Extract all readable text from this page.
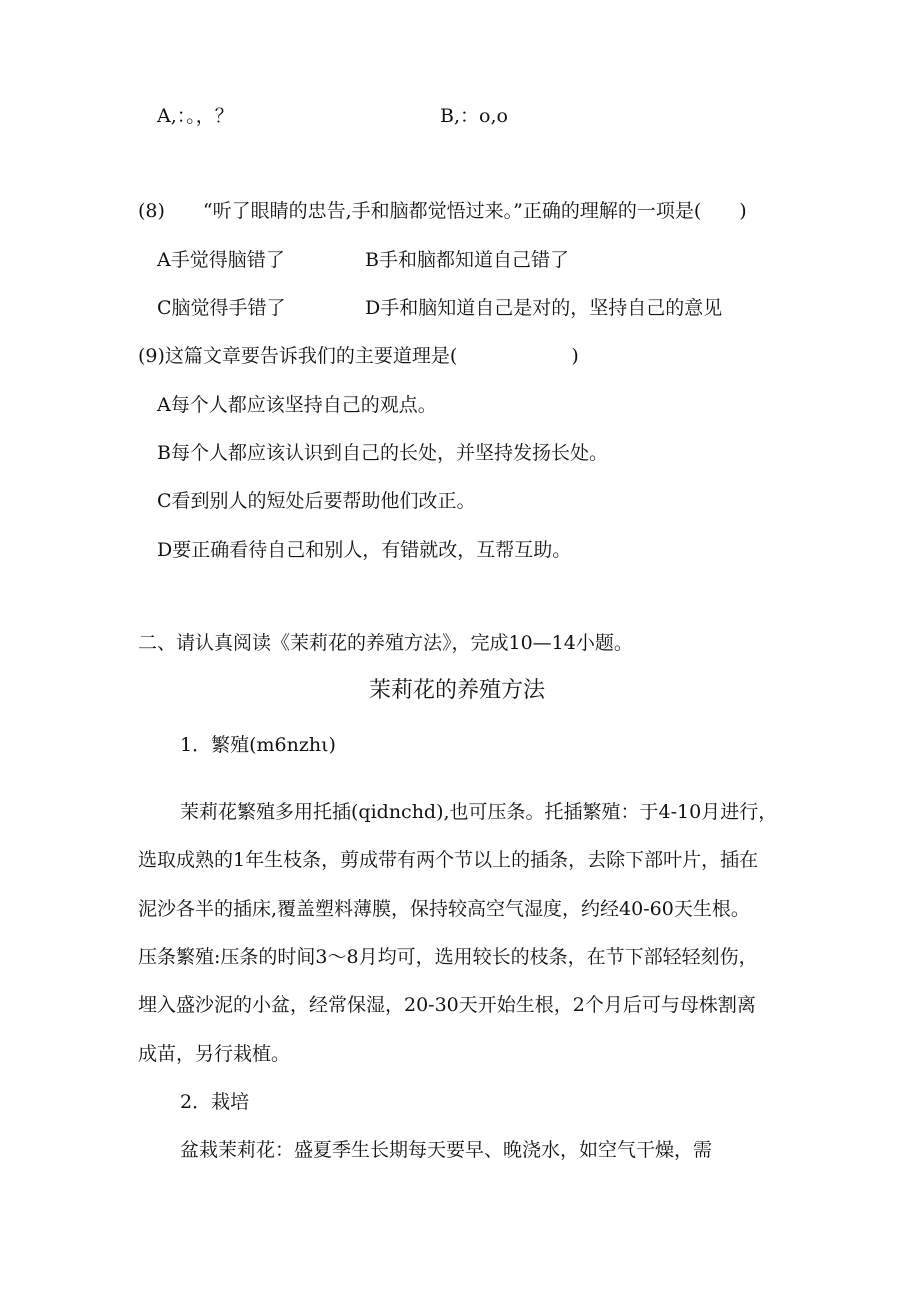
A,：。，？	B,：o,o

(8)　　“听了眼睛的忠告,手和脑都觉悟过来。”正确的理解的一项是(　　)

A手觉得脑错了	B手和脑都知道自己错了

C脑觉得手错了	D手和脑知道自己是对的，坚持自己的意见

(9)这篇文章要告诉我们的主要道理是(　　　　　　)

A每个人都应该坚持自己的观点。

B每个人都应该认识到自己的长处，并坚持发扬长处。

C看到别人的短处后要帮助他们改正。

D要正确看待自己和别人，有错就改，互帮互助。

二、请认真阅读《茉莉花的养殖方法》，完成10—14小题。

茉莉花的养殖方法

1．繁殖(m6nzhι)

茉莉花繁殖多用托插(qidnchd),也可压条。托插繁殖：于4-10月进行，

选取成熟的1年生枝条，剪成带有两个节以上的插条，去除下部叶片，插在

泥沙各半的插床,覆盖塑料薄膜，保持较高空气湿度，约经40-60天生根。

压条繁殖:压条的时间3～8月均可，选用较长的枝条，在节下部轻轻刻伤，

埋入盛沙泥的小盆，经常保湿，20-30天开始生根，2个月后可与母株割离

成苗，另行栽植。

2．栽培

盆栽茉莉花：盛夏季生长期每天要早、晚浇水，如空气干燥，需
